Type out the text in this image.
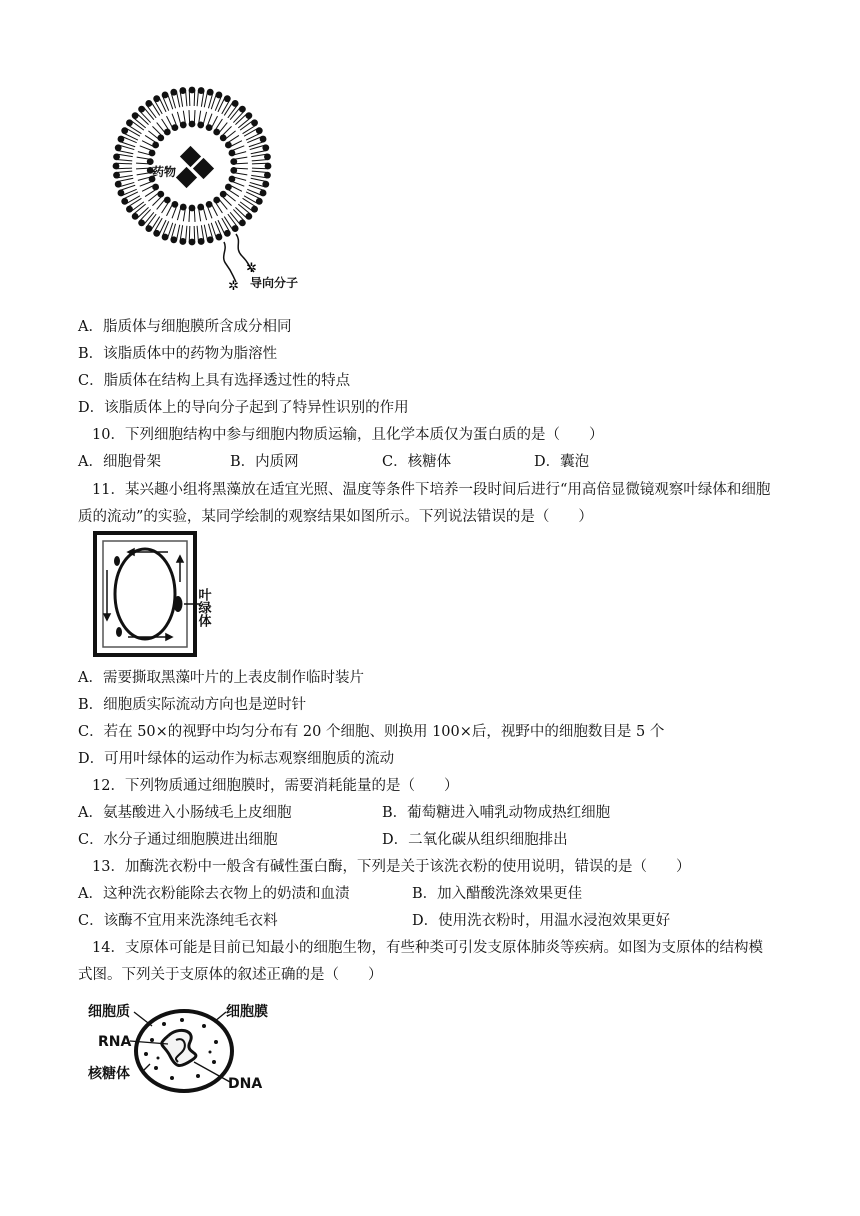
药物
✲
✲
导向分子
A．脂质体与细胞膜所含成分相同
B．该脂质体中的药物为脂溶性
C．脂质体在结构上具有选择透过性的特点
D．该脂质体上的导向分子起到了特异性识别的作用
10．下列细胞结构中参与细胞内物质运输，且化学本质仅为蛋白质的是（　　）
A．细胞骨架	B．内质网	C．核糖体	D．囊泡
11．某兴趣小组将黑藻放在适宜光照、温度等条件下培养一段时间后进行“用高倍显微镜观察叶绿体和细胞
质的流动”的实验，某同学绘制的观察结果如图所示。下列说法错误的是（　　）
叶绿体
A．需要撕取黑藻叶片的上表皮制作临时装片
B．细胞质实际流动方向也是逆时针
C．若在 50×的视野中均匀分布有 20 个细胞、则换用 100×后，视野中的细胞数目是 5 个
D．可用叶绿体的运动作为标志观察细胞质的流动
12．下列物质通过细胞膜时，需要消耗能量的是（　　）
A．氨基酸进入小肠绒毛上皮细胞	B．葡萄糖进入哺乳动物成热红细胞
C．水分子通过细胞膜进出细胞	D．二氧化碳从组织细胞排出
13．加酶洗衣粉中一般含有碱性蛋白酶，下列是关于该洗衣粉的使用说明，错误的是（　　）
A．这种洗衣粉能除去衣物上的奶渍和血渍	B．加入醋酸洗涤效果更佳
C．该酶不宜用来洗涤纯毛衣料	D．使用洗衣粉时，用温水浸泡效果更好
14．支原体可能是目前已知最小的细胞生物，有些种类可引发支原体肺炎等疾病。如图为支原体的结构模
式图。下列关于支原体的叙述正确的是（　　）
细胞质	细胞膜
RNA
核糖体
DNA
